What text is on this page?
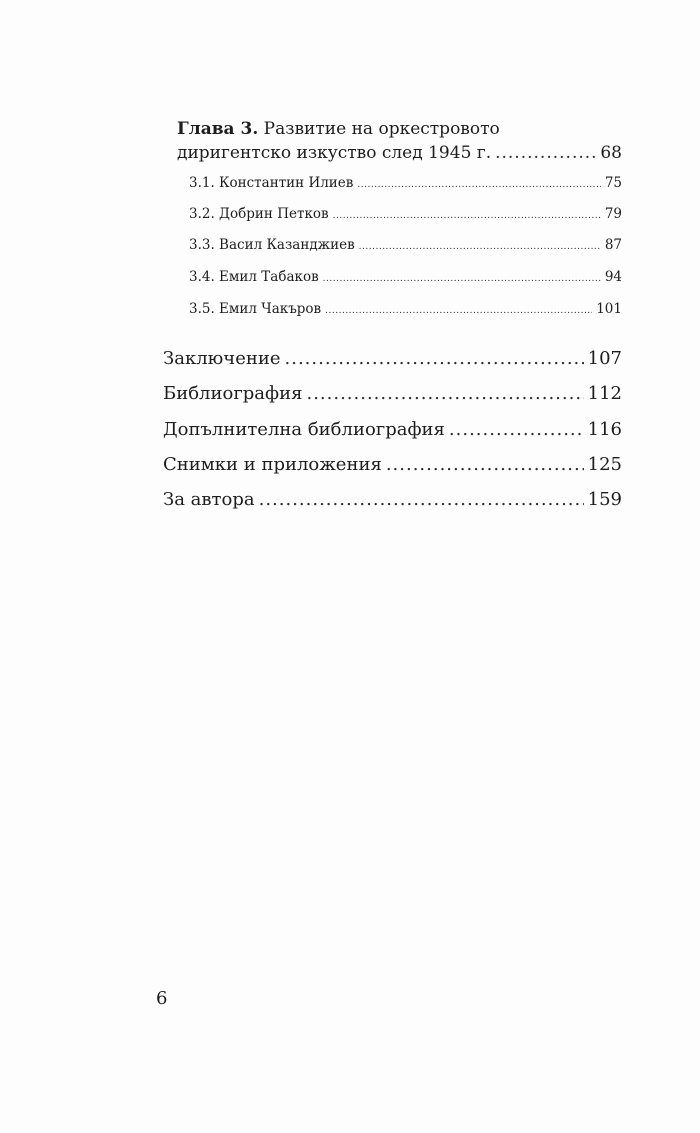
Глава 3. Развитие на оркестровото
диригентско изкуство след 1945 г. .....	68
3.1. Константин Илиев .....	75
3.2. Добрин Петков .....	79
3.3. Васил Казанджиев .....	87
3.4. Емил Табаков .....	94
3.5. Емил Чакъров .....	101
Заключение .....	107
Библиография .....	112
Допълнителна библиография .....	116
Снимки и приложения .....	125
За автора .....	159
6
